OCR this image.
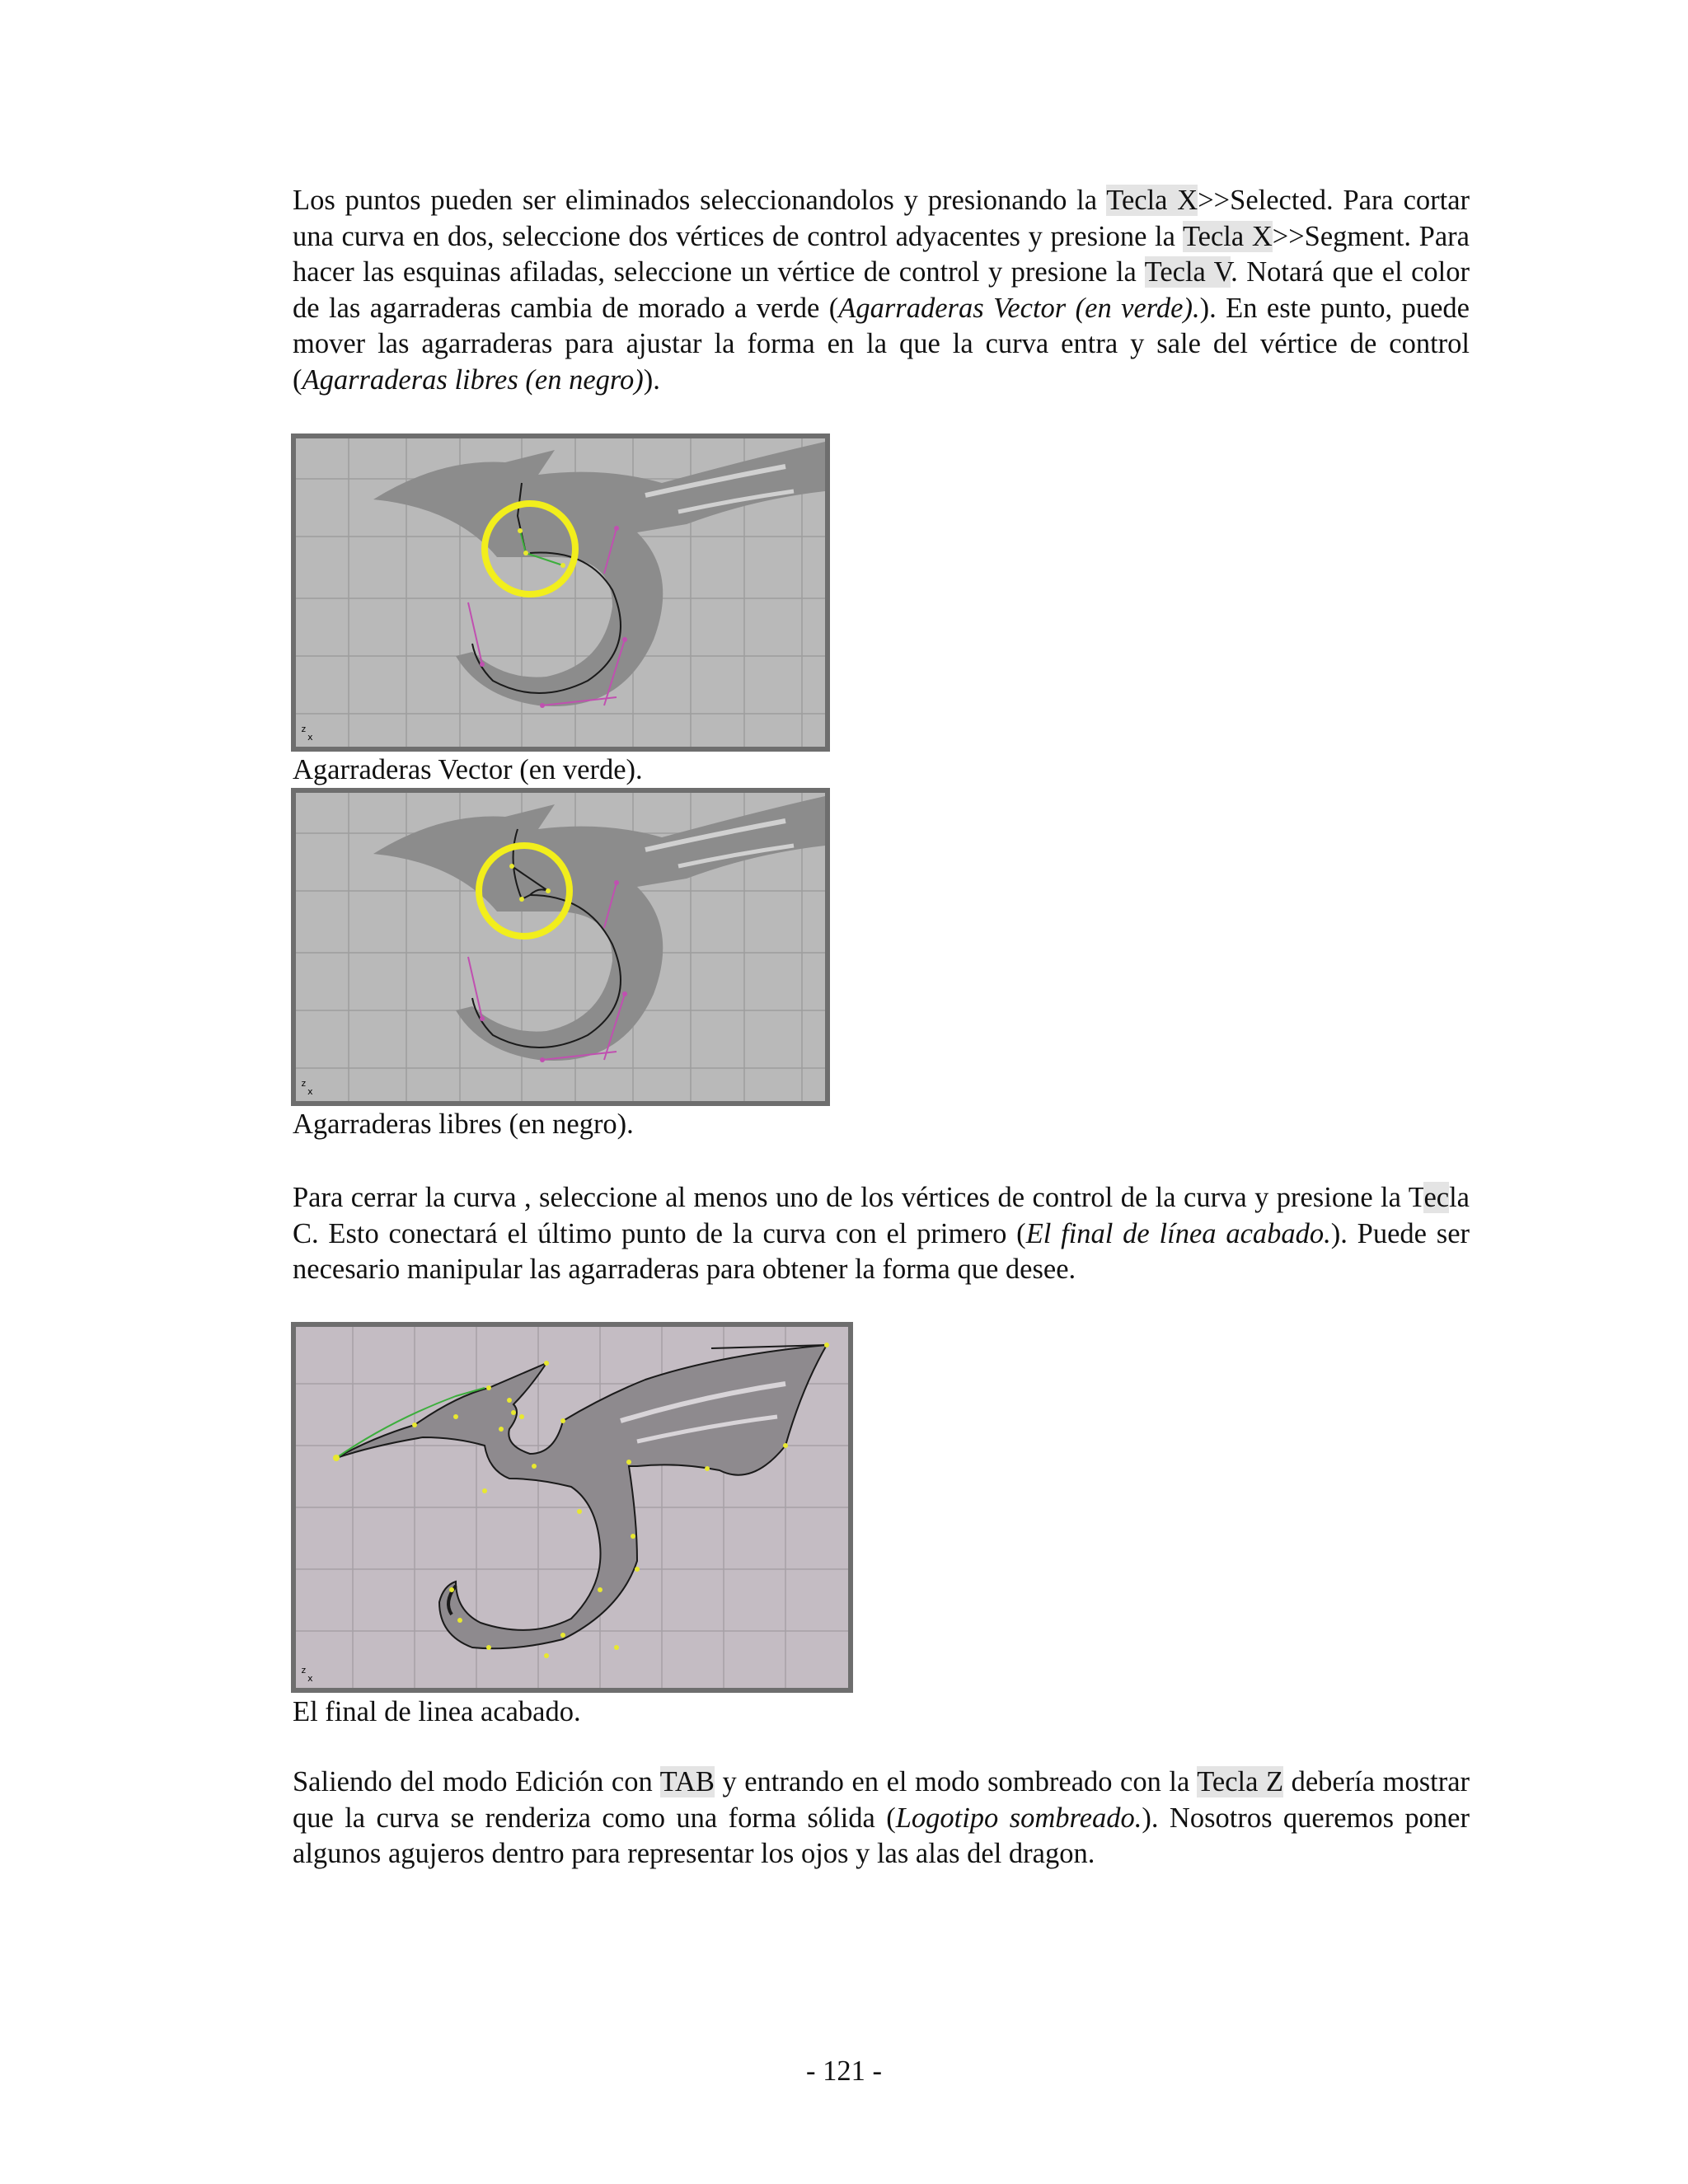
Los puntos pueden ser eliminados seleccionandolos y presionando la Tecla X>>Selected. Para cortar una curva en dos, seleccione dos vértices de control adyacentes y presione la Tecla X>>Segment. Para hacer las esquinas afiladas, seleccione un vértice de control y presione la Tecla V. Notará que el color de las agarraderas cambia de morado a verde (Agarraderas Vector (en verde).). En este punto, puede mover las agarraderas para ajustar la forma en la que la curva entra y sale del vértice de control (Agarraderas libres (en negro)).

z
x

Agarraderas Vector (en verde).

z
x

Agarraderas libres (en negro).

Para cerrar la curva , seleccione al menos uno de los vértices de control de la curva y presione la Tecla C. Esto conectará el último punto de la curva con el primero (El final de línea acabado.). Puede ser necesario manipular las agarraderas para obtener la forma que desee.

z
x

El final de linea acabado.

Saliendo del modo Edición con TAB y entrando en el modo sombreado con la Tecla Z debería mostrar que la curva se renderiza como una forma sólida (Logotipo sombreado.). Nosotros queremos poner algunos agujeros dentro para representar los ojos y las alas del dragon.

- 121 -
